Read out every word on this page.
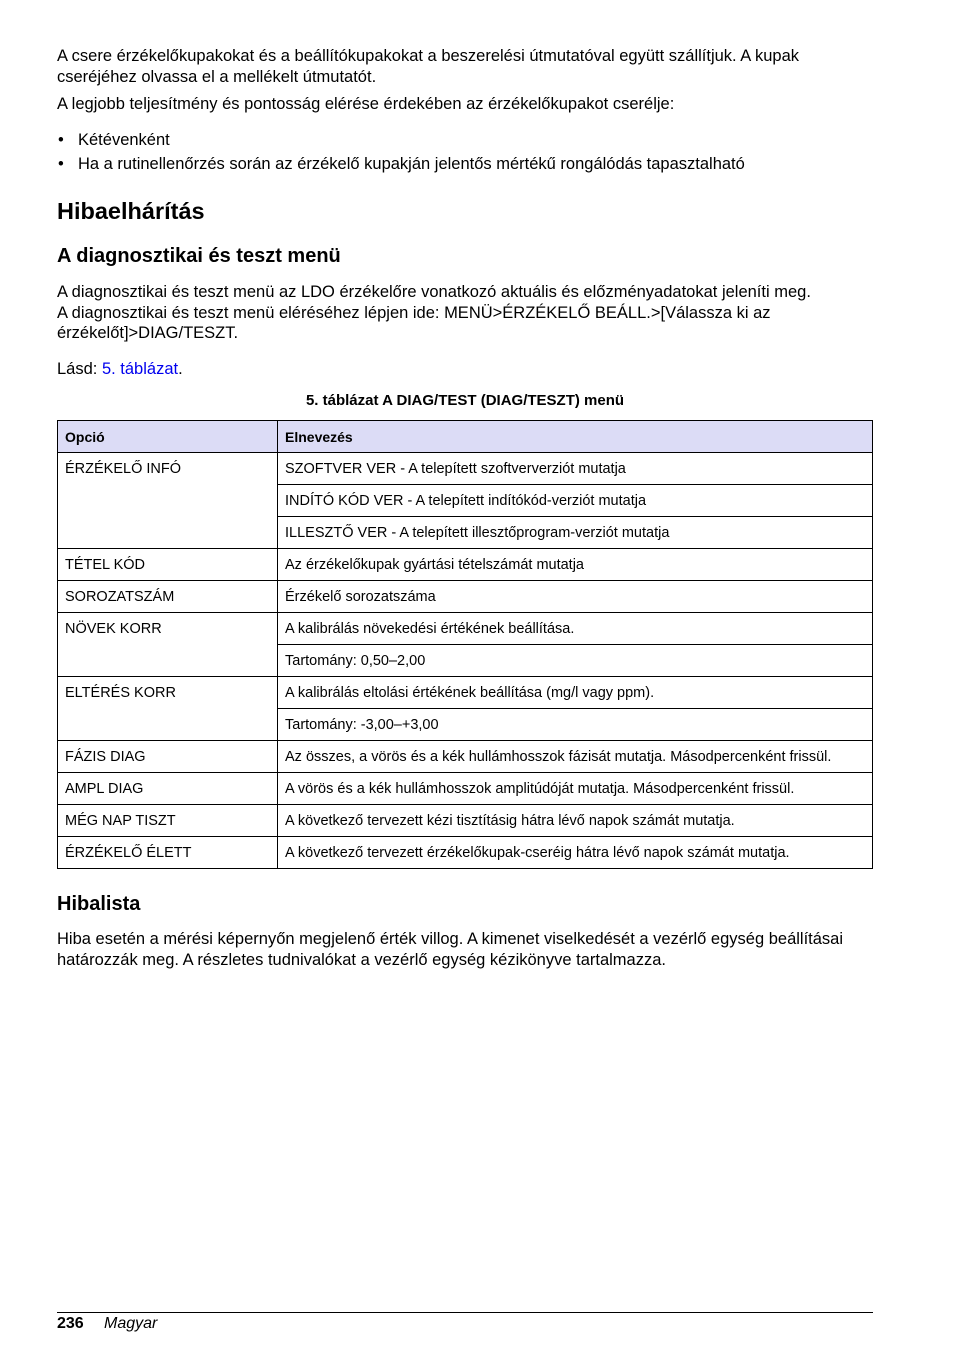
A csere érzékelőkupakokat és a beállítókupakokat a beszerelési útmutatóval együtt szállítjuk. A kupak cseréjéhez olvassa el a mellékelt útmutatót.

A legjobb teljesítmény és pontosság elérése érdekében az érzékelőkupakot cserélje:

• Kétévenként
• Ha a rutinellenőrzés során az érzékelő kupakján jelentős mértékű rongálódás tapasztalható
Hibaelhárítás
A diagnosztikai és teszt menü

A diagnosztikai és teszt menü az LDO érzékelőre vonatkozó aktuális és előzményadatokat jeleníti meg.

A diagnosztikai és teszt menü eléréséhez lépjen ide: MENÜ>ÉRZÉKELŐ BEÁLL.>[Válassza ki az érzékelőt]>DIAG/TESZT.

Lásd: 5. táblázat.

5. táblázat A DIAG/TEST (DIAG/TESZT) menü
Opció	Elnevezés
ÉRZÉKELŐ INFÓ	SZOFTVER VER - A telepített szoftververziót mutatja
	INDÍTÓ KÓD VER - A telepített indítókód-verziót mutatja
	ILLESZTŐ VER - A telepített illesztőprogram-verziót mutatja
TÉTEL KÓD	Az érzékelőkupak gyártási tételszámát mutatja
SOROZATSZÁM	Érzékelő sorozatszáma
NÖVEK KORR	A kalibrálás növekedési értékének beállítása.
	Tartomány: 0,50–2,00
ELTÉRÉS KORR	A kalibrálás eltolási értékének beállítása (mg/l vagy ppm).
	Tartomány: -3,00–+3,00
FÁZIS DIAG	Az összes, a vörös és a kék hullámhosszok fázisát mutatja. Másodpercenként frissül.
AMPL DIAG	A vörös és a kék hullámhosszok amplitúdóját mutatja. Másodpercenként frissül.
MÉG NAP TISZT	A következő tervezett kézi tisztításig hátra lévő napok számát mutatja.
ÉRZÉKELŐ ÉLETT	A következő tervezett érzékelőkupak-cseréig hátra lévő napok számát mutatja.
Hibalista

Hiba esetén a mérési képernyőn megjelenő érték villog. A kimenet viselkedését a vezérlő egység beállításai határozzák meg. A részletes tudnivalókat a vezérlő egység kézikönyve tartalmazza.

236 Magyar
